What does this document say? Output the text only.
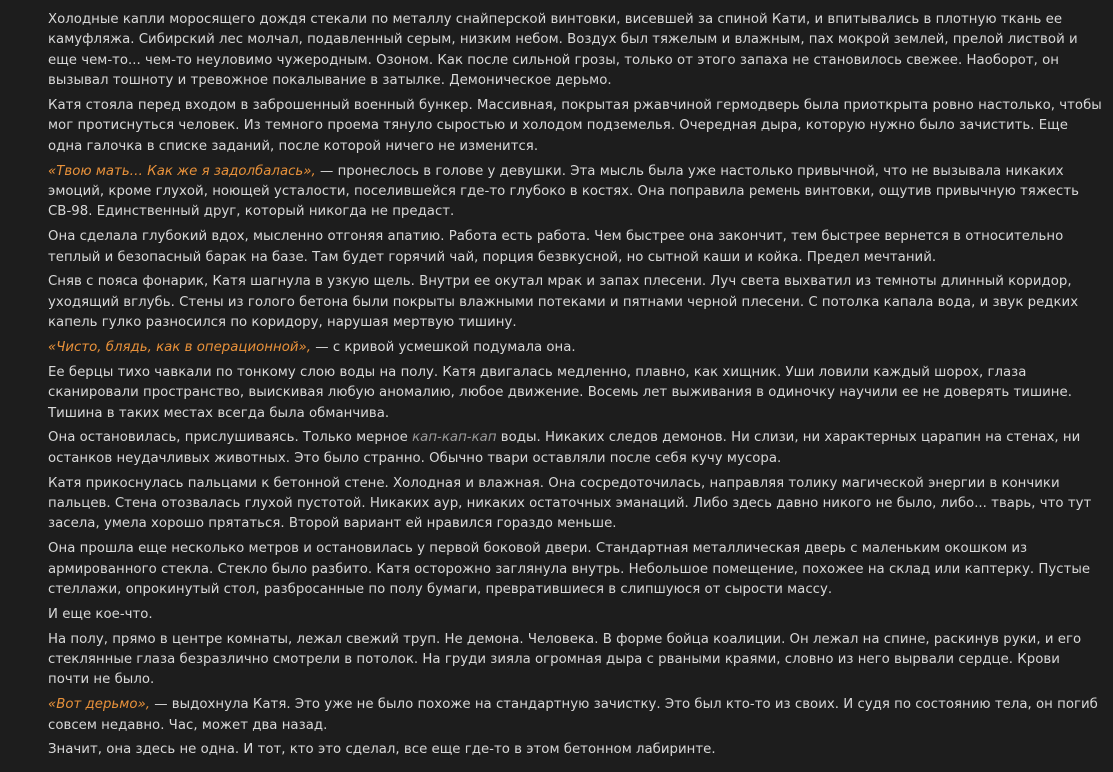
Холодные капли моросящего дождя стекали по металлу снайперской винтовки, висевшей за спиной Кати, и впитывались в плотную ткань ее камуфляжа. Сибирский лес молчал, подавленный серым, низким небом. Воздух был тяжелым и влажным, пах мокрой землей, прелой листвой и еще чем-то... чем-то неуловимо чужеродным. Озоном. Как после сильной грозы, только от этого запаха не становилось свежее. Наоборот, он вызывал тошноту и тревожное покалывание в затылке. Демоническое дерьмо.

Катя стояла перед входом в заброшенный военный бункер. Массивная, покрытая ржавчиной гермодверь была приоткрыта ровно настолько, чтобы мог протиснуться человек. Из темного проема тянуло сыростью и холодом подземелья. Очередная дыра, которую нужно было зачистить. Еще одна галочка в списке заданий, после которой ничего не изменится.

«Твою мать… Как же я задолбалась», — пронеслось в голове у девушки. Эта мысль была уже настолько привычной, что не вызывала никаких эмоций, кроме глухой, ноющей усталости, поселившейся где-то глубоко в костях. Она поправила ремень винтовки, ощутив привычную тяжесть СВ-98. Единственный друг, который никогда не предаст.

Она сделала глубокий вдох, мысленно отгоняя апатию. Работа есть работа. Чем быстрее она закончит, тем быстрее вернется в относительно теплый и безопасный барак на базе. Там будет горячий чай, порция безвкусной, но сытной каши и койка. Предел мечтаний.

Сняв с пояса фонарик, Катя шагнула в узкую щель. Внутри ее окутал мрак и запах плесени. Луч света выхватил из темноты длинный коридор, уходящий вглубь. Стены из голого бетона были покрыты влажными потеками и пятнами черной плесени. С потолка капала вода, и звук редких капель гулко разносился по коридору, нарушая мертвую тишину.

«Чисто, блядь, как в операционной», — с кривой усмешкой подумала она.

Ее берцы тихо чавкали по тонкому слою воды на полу. Катя двигалась медленно, плавно, как хищник. Уши ловили каждый шорох, глаза сканировали пространство, выискивая любую аномалию, любое движение. Восемь лет выживания в одиночку научили ее не доверять тишине. Тишина в таких местах всегда была обманчива.

Она остановилась, прислушиваясь. Только мерное кап-кап-кап воды. Никаких следов демонов. Ни слизи, ни характерных царапин на стенах, ни останков неудачливых животных. Это было странно. Обычно твари оставляли после себя кучу мусора.

Катя прикоснулась пальцами к бетонной стене. Холодная и влажная. Она сосредоточилась, направляя толику магической энергии в кончики пальцев. Стена отозвалась глухой пустотой. Никаких аур, никаких остаточных эманаций. Либо здесь давно никого не было, либо... тварь, что тут засела, умела хорошо прятаться. Второй вариант ей нравился гораздо меньше.

Она прошла еще несколько метров и остановилась у первой боковой двери. Стандартная металлическая дверь с маленьким окошком из армированного стекла. Стекло было разбито. Катя осторожно заглянула внутрь. Небольшое помещение, похожее на склад или каптерку. Пустые стеллажи, опрокинутый стол, разбросанные по полу бумаги, превратившиеся в слипшуюся от сырости массу.

И еще кое-что.

На полу, прямо в центре комнаты, лежал свежий труп. Не демона. Человека. В форме бойца коалиции. Он лежал на спине, раскинув руки, и его стеклянные глаза безразлично смотрели в потолок. На груди зияла огромная дыра с рваными краями, словно из него вырвали сердце. Крови почти не было.

«Вот дерьмо», — выдохнула Катя. Это уже не было похоже на стандартную зачистку. Это был кто-то из своих. И судя по состоянию тела, он погиб совсем недавно. Час, может два назад.

Значит, она здесь не одна. И тот, кто это сделал, все еще где-то в этом бетонном лабиринте.
